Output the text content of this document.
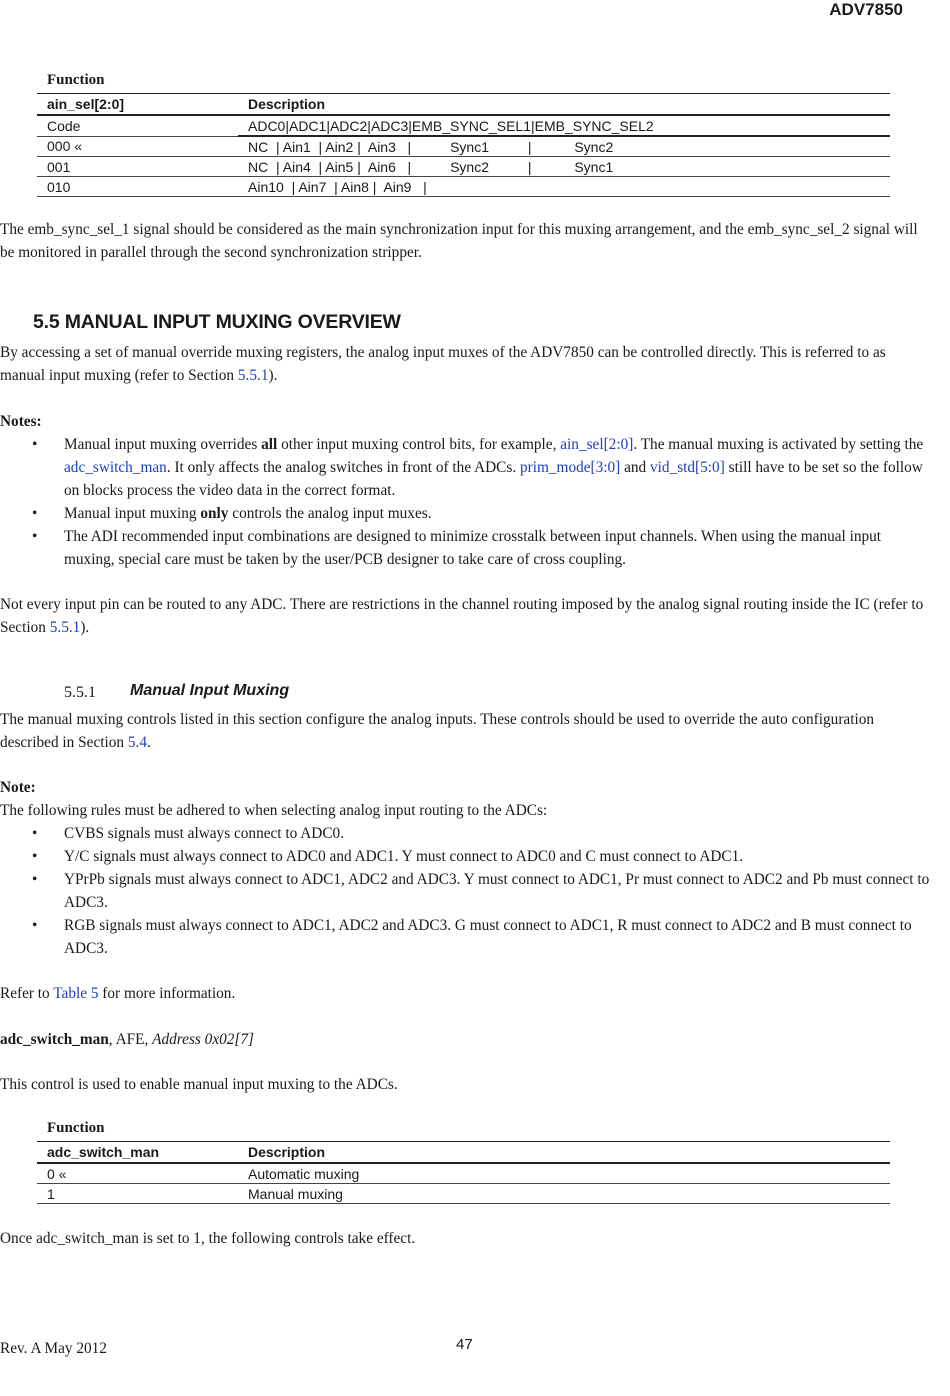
ADV7850
Function
ain_sel[2:0]	Description
Code	ADC0|ADC1|ADC2|ADC3|EMB_SYNC_SEL1|EMB_SYNC_SEL2
000 «	NC  | Ain1  | Ain2 |  Ain3   |          Sync1          |           Sync2
001	NC  | Ain4  | Ain5 |  Ain6   |          Sync2          |           Sync1
010	Ain10  | Ain7  | Ain8 |  Ain9   |
The emb_sync_sel_1 signal should be considered as the main synchronization input for this muxing arrangement, and the emb_sync_sel_2 signal will be monitored in parallel through the second synchronization stripper.
5.5 MANUAL INPUT MUXING OVERVIEW
By accessing a set of manual override muxing registers, the analog input muxes of the ADV7850 can be controlled directly. This is referred to as manual input muxing (refer to Section 5.5.1).
Notes:
• Manual input muxing overrides all other input muxing control bits, for example, ain_sel[2:0]. The manual muxing is activated by setting the adc_switch_man. It only affects the analog switches in front of the ADCs. prim_mode[3:0] and vid_std[5:0] still have to be set so the follow on blocks process the video data in the correct format.
• Manual input muxing only controls the analog input muxes.
• The ADI recommended input combinations are designed to minimize crosstalk between input channels. When using the manual input muxing, special care must be taken by the user/PCB designer to take care of cross coupling.
Not every input pin can be routed to any ADC. There are restrictions in the channel routing imposed by the analog signal routing inside the IC (refer to Section 5.5.1).
5.5.1 Manual Input Muxing
The manual muxing controls listed in this section configure the analog inputs. These controls should be used to override the auto configuration described in Section 5.4.
Note:
The following rules must be adhered to when selecting analog input routing to the ADCs:
• CVBS signals must always connect to ADC0.
• Y/C signals must always connect to ADC0 and ADC1. Y must connect to ADC0 and C must connect to ADC1.
• YPrPb signals must always connect to ADC1, ADC2 and ADC3. Y must connect to ADC1, Pr must connect to ADC2 and Pb must connect to ADC3.
• RGB signals must always connect to ADC1, ADC2 and ADC3. G must connect to ADC1, R must connect to ADC2 and B must connect to ADC3.
Refer to Table 5 for more information.
adc_switch_man, AFE, Address 0x02[7]
This control is used to enable manual input muxing to the ADCs.
Function
adc_switch_man	Description
0 «	Automatic muxing
1	Manual muxing
Once adc_switch_man is set to 1, the following controls take effect.
Rev. A May 2012	47
